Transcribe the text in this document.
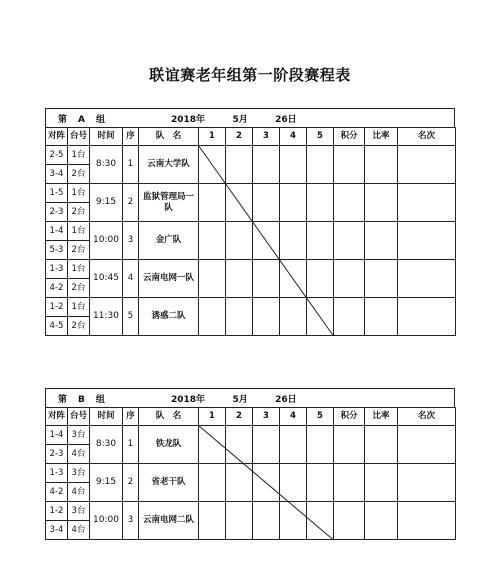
联谊赛老年组第一阶段赛程表
第　A　组	2018年   5月   26日
对阵	台号	时间	序	队　名	1	2	3	4	5	积分	比率	名次
2-5	1台	8:30	1	云南大学队								
3-4	2台											
1-5	1台	9:15	2	监狱管理局一队								
2-3	2台											
1-4	1台	10:00	3	金广队								
5-3	2台											
1-3	1台	10:45	4	云南电网一队								
4-2	2台											
1-2	1台	11:30	5	诱惑二队								
4-5	2台											
第　B　组	2018年   5月   26日
对阵	台号	时间	序	队　名	1	2	3	4	5	积分	比率	名次
1-4	3台	8:30	1	铁龙队								
2-3	4台											
1-3	3台	9:15	2	省老干队								
4-2	4台											
1-2	3台	10:00	3	云南电网二队								
3-4	4台											
